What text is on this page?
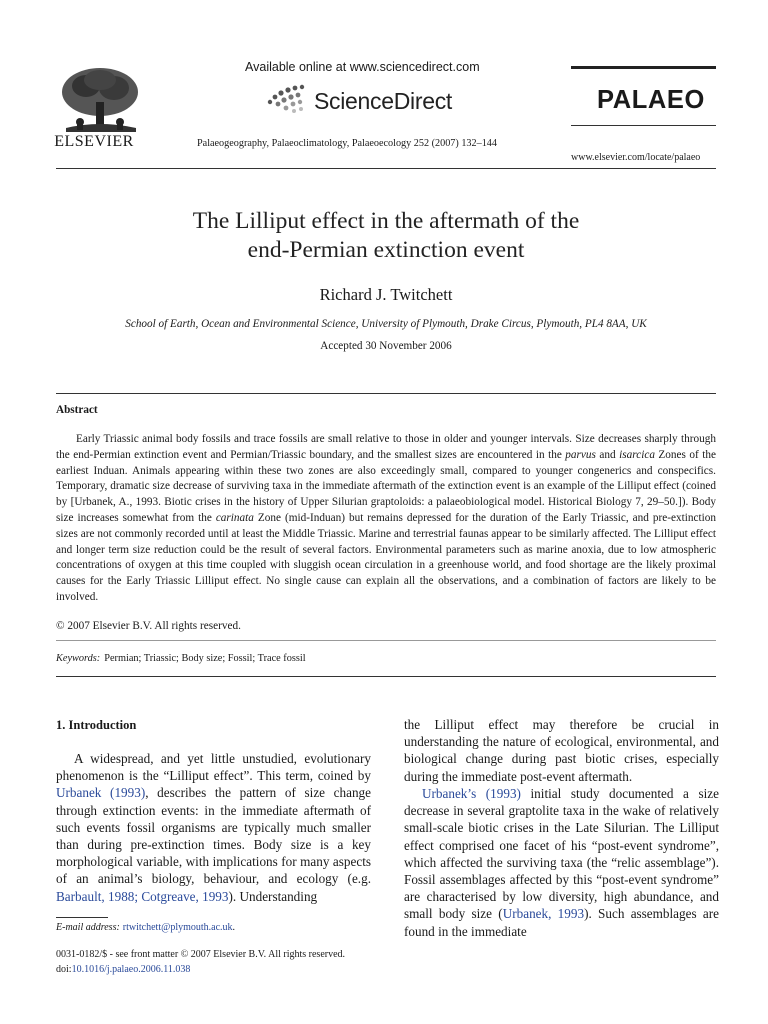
ELSEVIER
Available online at www.sciencedirect.com
ScienceDirect
Palaeogeography, Palaeoclimatology, Palaeoecology 252 (2007) 132–144
PALAEO
www.elsevier.com/locate/palaeo
The Lilliput effect in the aftermath of the
end-Permian extinction event
Richard J. Twitchett
School of Earth, Ocean and Environmental Science, University of Plymouth, Drake Circus, Plymouth, PL4 8AA, UK
Accepted 30 November 2006
Abstract
Early Triassic animal body fossils and trace fossils are small relative to those in older and younger intervals. Size decreases sharply through the end-Permian extinction event and Permian/Triassic boundary, and the smallest sizes are encountered in the parvus and isarcica Zones of the earliest Induan. Animals appearing within these two zones are also exceedingly small, compared to younger congenerics and conspecifics. Temporary, dramatic size decrease of surviving taxa in the immediate aftermath of the extinction event is an example of the Lilliput effect (coined by [Urbanek, A., 1993. Biotic crises in the history of Upper Silurian graptoloids: a palaeobiological model. Historical Biology 7, 29–50.]). Body size increases somewhat from the carinata Zone (mid-Induan) but remains depressed for the duration of the Early Triassic, and pre-extinction sizes are not commonly recorded until at least the Middle Triassic. Marine and terrestrial faunas appear to be similarly affected. The Lilliput effect and longer term size reduction could be the result of several factors. Environmental parameters such as marine anoxia, due to low atmospheric concentrations of oxygen at this time coupled with sluggish ocean circulation in a greenhouse world, and food shortage are the likely proximal causes for the Early Triassic Lilliput effect. No single cause can explain all the observations, and a combination of factors are likely to be involved.
© 2007 Elsevier B.V. All rights reserved.
Keywords: Permian; Triassic; Body size; Fossil; Trace fossil
1. Introduction
A widespread, and yet little unstudied, evolutionary phenomenon is the “Lilliput effect”. This term, coined by Urbanek (1993), describes the pattern of size change through extinction events: in the immediate aftermath of such events fossil organisms are typically much smaller than during pre-extinction times. Body size is a key morphological variable, with implications for many aspects of an animal’s biology, behaviour, and ecology (e.g. Barbault, 1988; Cotgreave, 1993). Understanding
the Lilliput effect may therefore be crucial in understanding the nature of ecological, environmental, and biological change during past biotic crises, especially during the immediate post-event aftermath.
Urbanek’s (1993) initial study documented a size decrease in several graptolite taxa in the wake of relatively small-scale biotic crises in the Late Silurian. The Lilliput effect comprised one facet of his “post-event syndrome”, which affected the surviving taxa (the “relic assemblage”). Fossil assemblages affected by this “post-event syndrome” are characterised by low diversity, high abundance, and small body size (Urbanek, 1993). Such assemblages are found in the immediate
E-mail address: rtwitchett@plymouth.ac.uk.
0031-0182/$ - see front matter © 2007 Elsevier B.V. All rights reserved.
doi:10.1016/j.palaeo.2006.11.038
